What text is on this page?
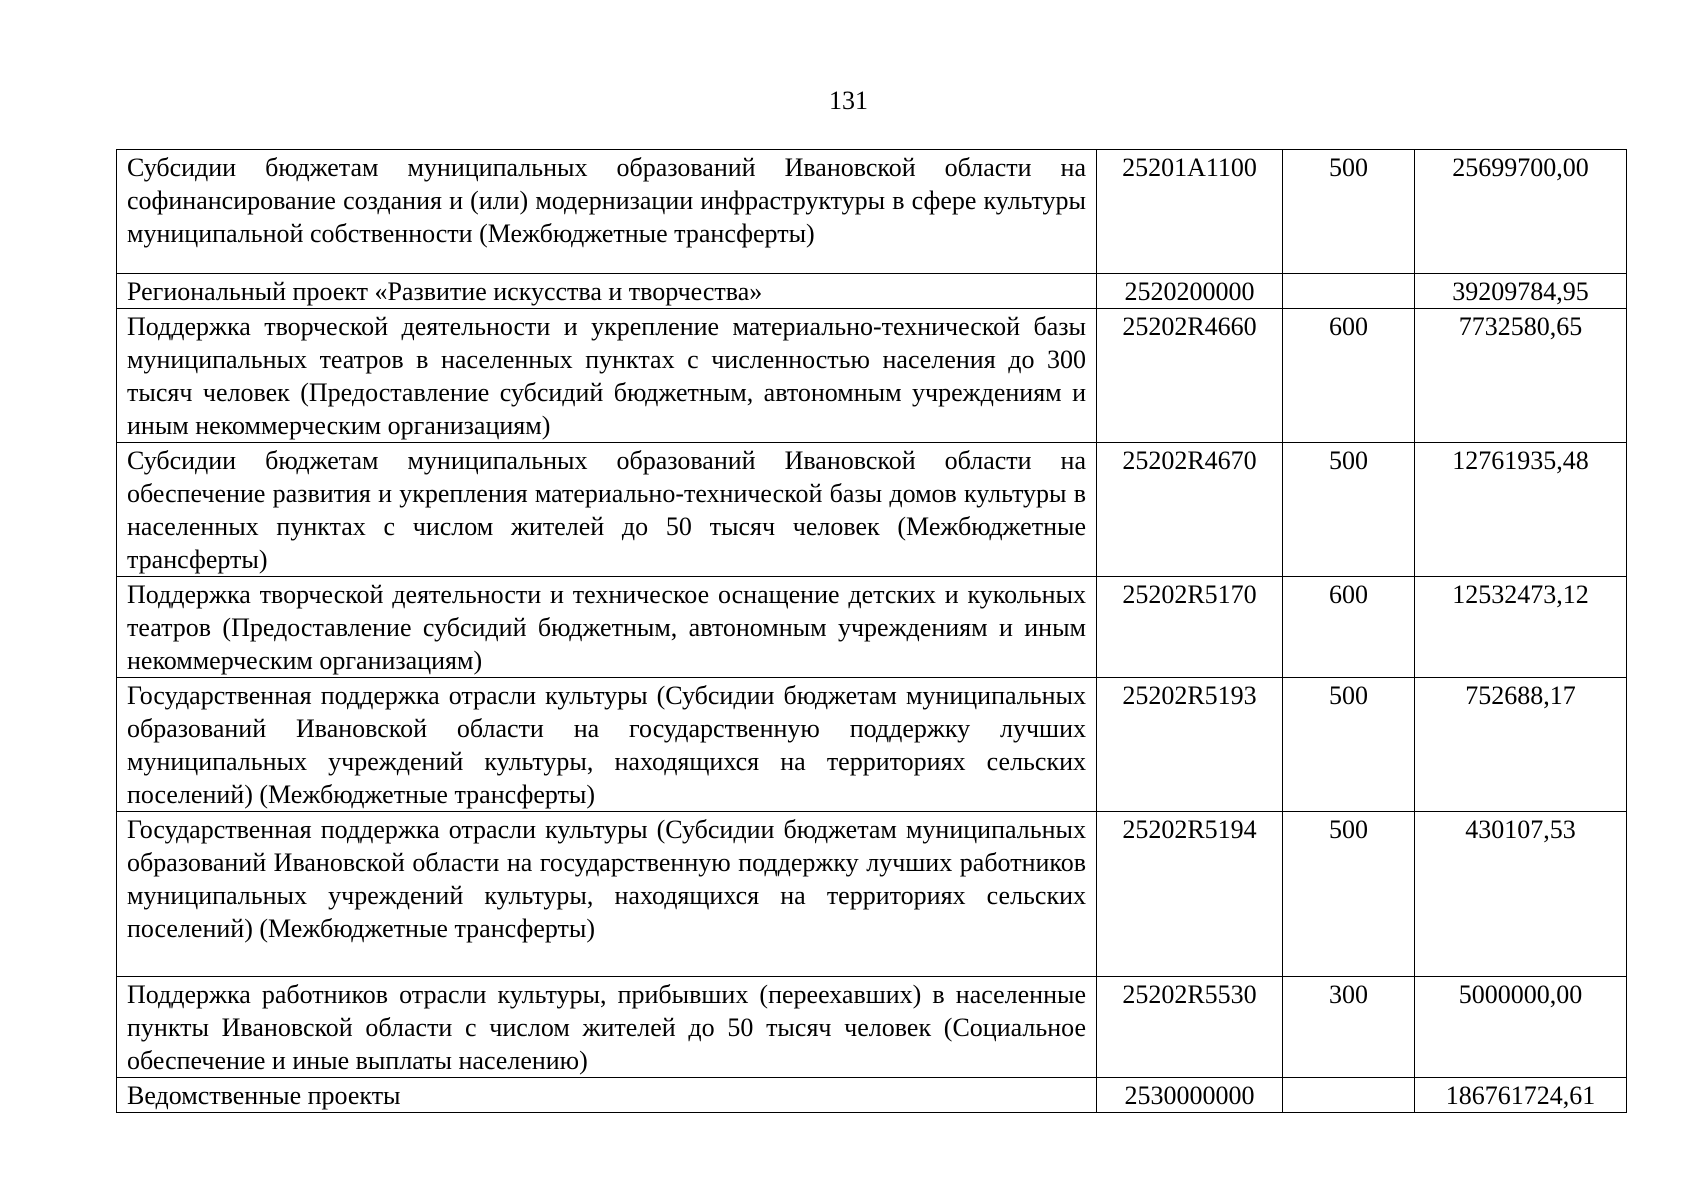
131
Субсидии бюджетам муниципальных образований Ивановской области на софинансирование создания и (или) модернизации инфраструктуры в сфере культуры муниципальной собственности (Межбюджетные трансферты)	25201A1100	500	25699700,00
Региональный проект «Развитие искусства и творчества»	2520200000		39209784,95
Поддержка творческой деятельности и укрепление материально-технической базы муниципальных театров в населенных пунктах с численностью населения до 300 тысяч человек (Предоставление субсидий бюджетным, автономным учреждениям и иным некоммерческим организациям)	25202R4660	600	7732580,65
Субсидии бюджетам муниципальных образований Ивановской области на обеспечение развития и укрепления материально-технической базы домов культуры в населенных пунктах с числом жителей до 50 тысяч человек (Межбюджетные трансферты)	25202R4670	500	12761935,48
Поддержка творческой деятельности и техническое оснащение детских и кукольных театров (Предоставление субсидий бюджетным, автономным учреждениям и иным некоммерческим организациям)	25202R5170	600	12532473,12
Государственная поддержка отрасли культуры (Субсидии бюджетам муниципальных образований Ивановской области на государственную поддержку лучших муниципальных учреждений культуры, находящихся на территориях сельских поселений) (Межбюджетные трансферты)	25202R5193	500	752688,17
Государственная поддержка отрасли культуры (Субсидии бюджетам муниципальных образований Ивановской области на государственную поддержку лучших работников муниципальных учреждений культуры, находящихся на территориях сельских поселений) (Межбюджетные трансферты)	25202R5194	500	430107,53
Поддержка работников отрасли культуры, прибывших (переехавших) в населенные пункты Ивановской области с числом жителей до 50 тысяч человек (Социальное обеспечение и иные выплаты населению)	25202R5530	300	5000000,00
Ведомственные проекты	2530000000		186761724,61
